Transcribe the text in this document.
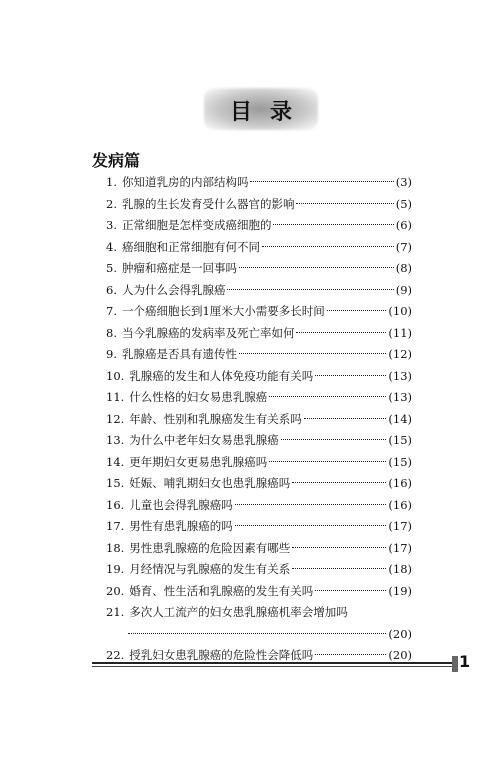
目录
发病篇
1. 你知道乳房的内部结构吗	(3)
2. 乳腺的生长发育受什么器官的影响	(5)
3. 正常细胞是怎样变成癌细胞的	(6)
4. 癌细胞和正常细胞有何不同	(7)
5. 肿瘤和癌症是一回事吗	(8)
6. 人为什么会得乳腺癌	(9)
7. 一个癌细胞长到1厘米大小需要多长时间	(10)
8. 当今乳腺癌的发病率及死亡率如何	(11)
9. 乳腺癌是否具有遗传性	(12)
10. 乳腺癌的发生和人体免疫功能有关吗	(13)
11. 什么性格的妇女易患乳腺癌	(13)
12. 年龄、性别和乳腺癌发生有关系吗	(14)
13. 为什么中老年妇女易患乳腺癌	(15)
14. 更年期妇女更易患乳腺癌吗	(15)
15. 妊娠、哺乳期妇女也患乳腺癌吗	(16)
16. 儿童也会得乳腺癌吗	(16)
17. 男性有患乳腺癌的吗	(17)
18. 男性患乳腺癌的危险因素有哪些	(17)
19. 月经情况与乳腺癌的发生有关系	(18)
20. 婚育、性生活和乳腺癌的发生有关吗	(19)
21. 多次人工流产的妇女患乳腺癌机率会增加吗
(20)
22. 授乳妇女患乳腺癌的危险性会降低吗	(20)	1
